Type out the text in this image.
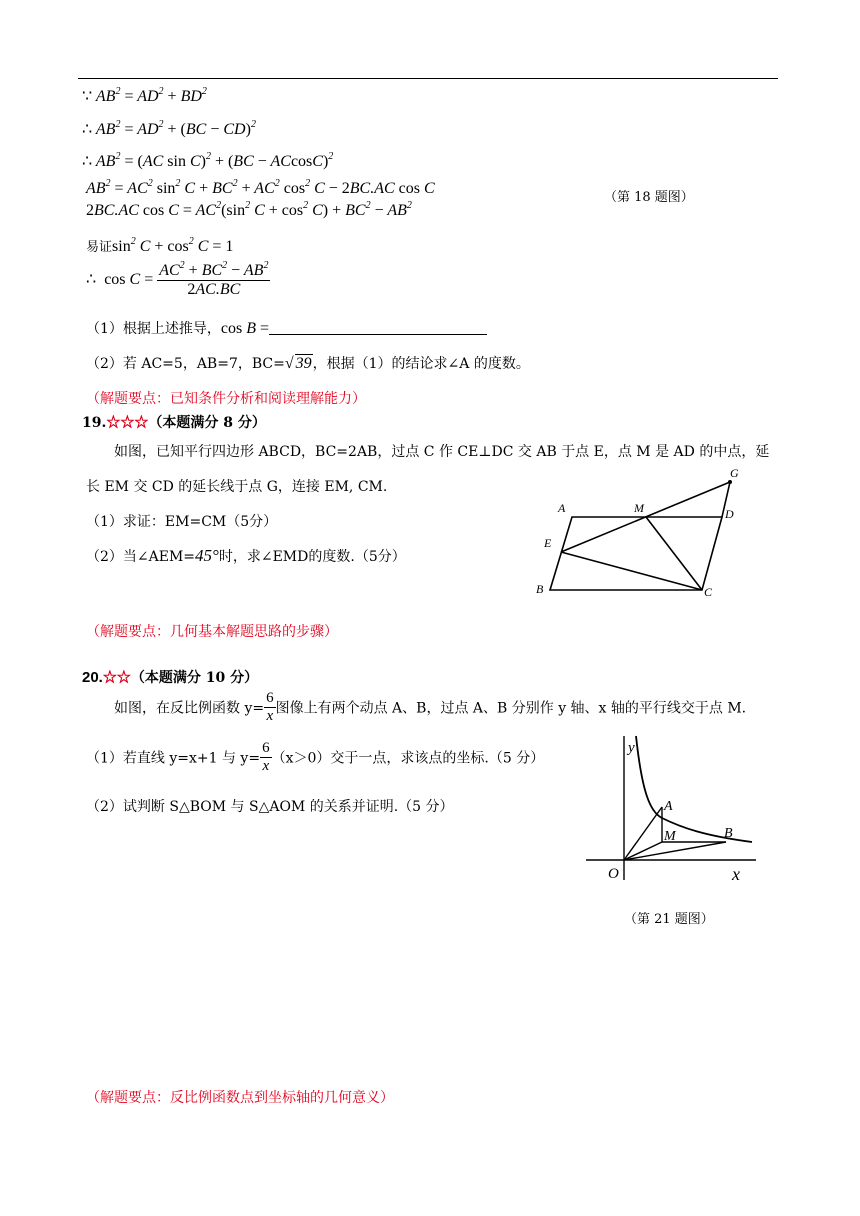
∵ $AB^2 = AD^2 + BD^2$
∴ $AB^2 = AD^2 + (BC - CD)^2$
∴ $AB^2 = (AC$ sin C)$^2$ + (BC − ACcosC)$^2$
$AB^2 = AC^2$ $\sin^2 C + BC^2 + AC^2$ $\cos^2 C - 2BC.AC$ cos C
2BC.AC $\cos C = AC^2(\sin^2$ $C + \cos^2 C) + BC^2 - AB^2$
（第 18 题图）
易证$\sin^2 C + \cos^2 C = 1$
∴ $\cos C = \frac{AC^2 + BC^2 - AB^2}{2AC.BC}$
（1）根据上述推导，cos B =
（2）若 AC=5，AB=7，BC=√ 39，根据（1）的结论求∠A 的度数。
（解题要点：已知条件分析和阅读理解能力）
19.☆☆☆（本题满分 8 分）
如图，已知平行四边形 ABCD，BC=2AB，过点 C 作 CE⊥DC 交 AB 于点 E，点 M 是 AD 的中点，延
长 EM 交 CD 的延长线于点 G，连接 EM, CM.
（1）求证：EM=CM（5分）
（2）当∠AEM=45°时，求∠EMD的度数.（5分）
A	M	D
G
E
B	C
（解题要点：几何基本解题思路的步骤）
20.☆☆（本题满分 10 分）
如图，在反比例函数 $y= \frac{6}{x}$ 图像上有两个动点 A、B，过点 A、B 分别作 y 轴、x 轴的平行线交于点 M.
（1）若直线 y=x+1 与 $y= \frac{6}{x} (x>0)$交于一点，求该点的坐标.（5 分）
（2）试判断 S△BOM 与 S△AOM 的关系并证明.（5 分）
y
x
O
A
M	B
（第 21 题图）
（解题要点：反比例函数点到坐标轴的几何意义）
